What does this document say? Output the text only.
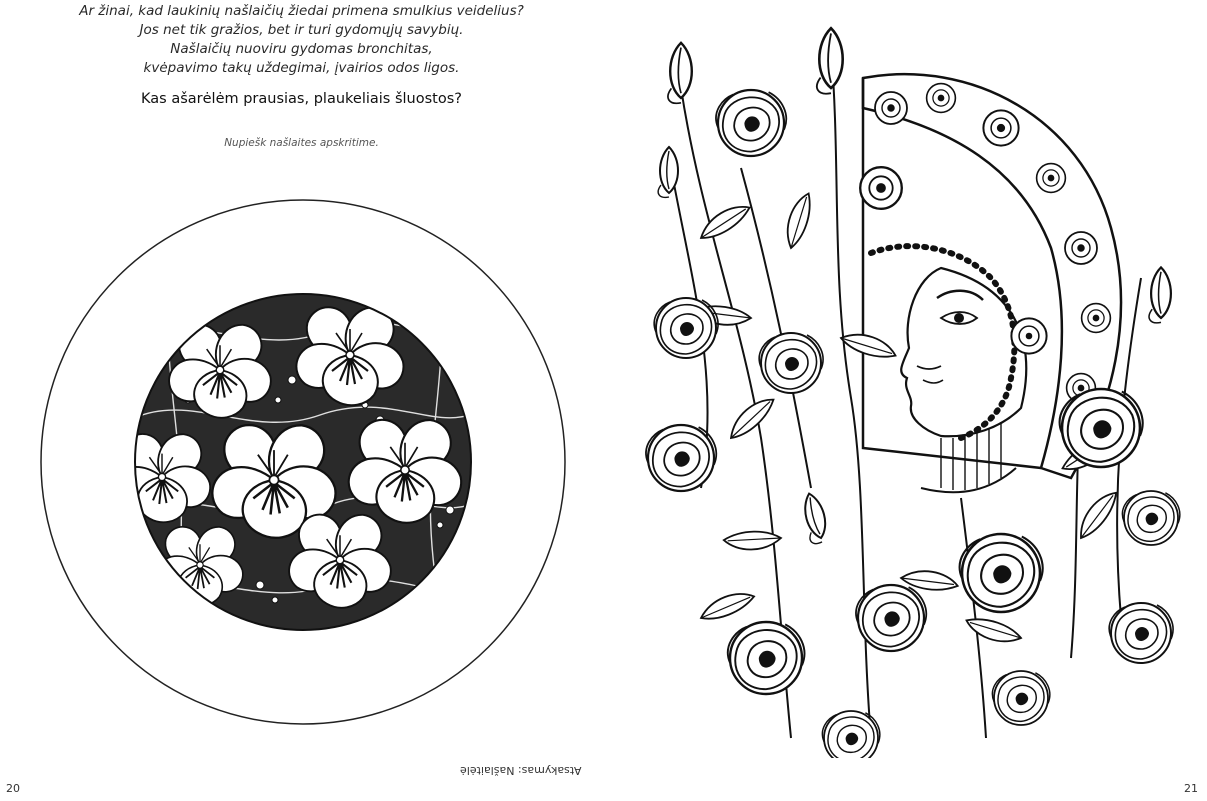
Ar žinai, kad laukinių našlaičių žiedai primena smulkius veidelius?
Jos net tik gražios, bet ir turi gydomųjų savybių.
Našlaičių nuoviru gydomas bronchitas,
kvėpavimo takų uždegimai, įvairios odos ligos.
Kas ašarėlėm prausias, plaukeliais šluostos?
Nupiešk našlaites apskritime.
Atsakymas: Našlaitėlė
20	21
